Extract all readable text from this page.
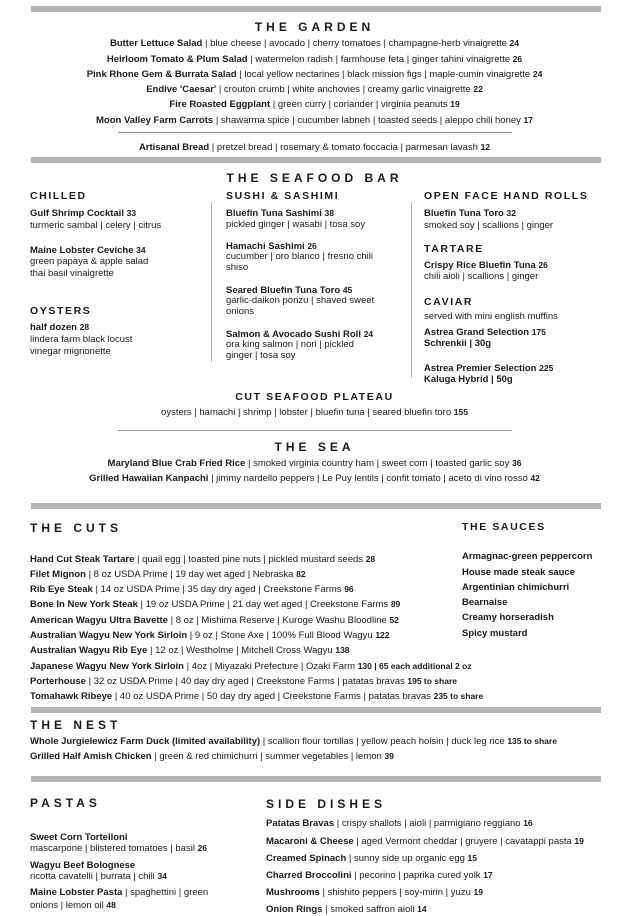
THE GARDEN
Butter Lettuce Salad | blue cheese | avocado | cherry tomatoes | champagne-herb vinaigrette 24
Heirloom Tomato & Plum Salad | watermelon radish | farmhouse feta | ginger tahini vinaigrette 26
Pink Rhone Gem & Burrata Salad | local yellow nectarines | black mission figs | maple-cumin vinaigrette 24
Endive 'Caesar' | crouton crumb | white anchovies | creamy garlic vinaigrette 22
Fire Roasted Eggplant | green curry | coriander | virginia peanuts 19
Moon Valley Farm Carrots | shawarma spice | cucumber labneh | toasted seeds | aleppo chili honey 17
Artisanal Bread | pretzel bread | rosemary & tomato foccacia | parmesan lavash 12
THE SEAFOOD BAR
CHILLED
Gulf Shrimp Cocktail 33
turmeric sambal | celery | citrus
Maine Lobster Ceviche 34
green papaya & apple salad
thai basil vinaigrette
OYSTERS
half dozen 28
lindera farm black locust
vinegar mignonette
SUSHI & SASHIMI
Bluefin Tuna Sashimi 38
pickled ginger | wasabi | tosa soy
Hamachi Sashimi 26
cucumber | oro blanco | fresno chili
shiso
Seared Bluefin Tuna Toro 45
garlic-daikon ponzu | shaved sweet
onions
Salmon & Avocado Sushi Roll 24
ora king salmon | nori | pickled
ginger | tosa soy
OPEN FACE HAND ROLLS
Bluefin Tuna Toro 32
smoked soy | scallions | ginger
TARTARE
Crispy Rice Bluefin Tuna 26
chili aioli | scallions | ginger
CAVIAR
served with mini english muffins
Astrea Grand Selection 175
Schrenkii | 30g
Astrea Premier Selection 225
Kaluga Hybrid | 50g
CUT SEAFOOD PLATEAU
oysters | hamachi | shrimp | lobster | bluefin tuna | seared bluefin toro 155
THE SEA
Maryland Blue Crab Fried Rice | smoked virginia country ham | sweet corn | toasted garlic soy 36
Grilled Hawaiian Kanpachi | jimmy nardello peppers | Le Puy lentils | confit tomato | aceto di vino rosso 42
THE CUTS
Hand Cut Steak Tartare | quail egg | toasted pine nuts | pickled mustard seeds 28
Filet Mignon | 8 oz USDA Prime | 19 day wet aged | Nebraska 82
Rib Eye Steak | 14 oz USDA Prime | 35 day dry aged | Creekstone Farms 96
Bone In New York Steak | 19 oz USDA Prime | 21 day wet aged | Creekstone Farms 89
American Wagyu Ultra Bavette | 8 oz | Mishima Reserve | Kuroge Washu Bloodline 52
Australian Wagyu New York Sirloin | 9 oz | Stone Axe | 100% Full Blood Wagyu 122
Australian Wagyu Rib Eye | 12 oz | Westholme | Mitchell Cross Wagyu 138
Japanese Wagyu New York Sirloin | 4oz | Miyazaki Prefecture | Ozaki Farm 130 | 65 each additional 2 oz
Porterhouse | 32 oz USDA Prime | 40 day dry aged | Creekstone Farms | patatas bravas 195 to share
Tomahawk Ribeye | 40 oz USDA Prime | 50 day dry aged | Creekstone Farms | patatas bravas 235 to share
THE SAUCES
Armagnac-green peppercorn
House made steak sauce
Argentinian chimichurri
Bearnaise
Creamy horseradish
Spicy mustard
THE NEST
Whole Jurgielewicz Farm Duck (limited availability) | scallion flour tortillas | yellow peach hoisin | duck leg rice 135 to share
Grilled Half Amish Chicken | green & red chimichurri | summer vegetables | lemon 39
PASTAS
Sweet Corn Tortelloni
mascarpone | blistered tomatoes | basil 26
Wagyu Beef Bolognese
ricotta cavatelli | burrata | chili 34
Maine Lobster Pasta | spaghettini | green
onions | lemon oil 48
SIDE DISHES
Patatas Bravas | crispy shallots | aioli | parmigiano reggiano 16
Macaroni & Cheese | aged Vermont cheddar | gruyere | cavatappi pasta 19
Creamed Spinach | sunny side up organic egg 15
Charred Broccolini | pecorino | paprika cured yolk 17
Mushrooms | shishito peppers | soy-mirin | yuzu 19
Onion Rings | smoked saffron aioli 14
